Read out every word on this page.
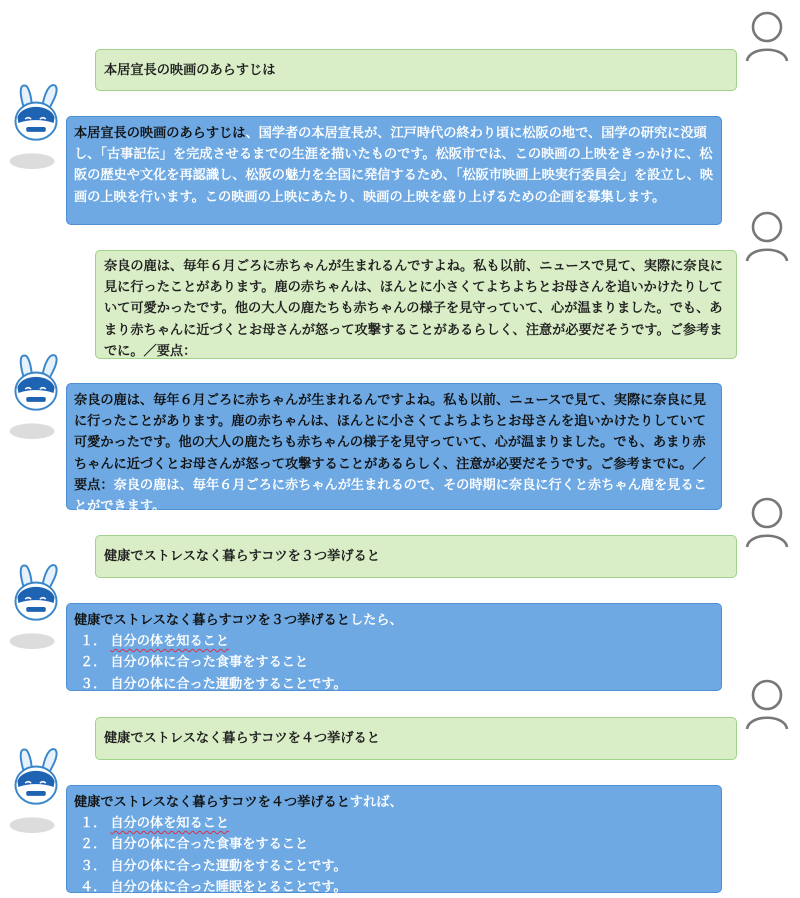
本居宣長の映画のあらすじは
本居宣長の映画のあらすじは、国学者の本居宣長が、江戸時代の終わり頃に松阪の地で、国学の研究に没頭し、「古事記伝」を完成させるまでの生涯を描いたものです。松阪市では、この映画の上映をきっかけに、松阪の歴史や文化を再認識し、松阪の魅力を全国に発信するため、「松阪市映画上映実行委員会」を設立し、映画の上映を行います。この映画の上映にあたり、映画の上映を盛り上げるための企画を募集します。
奈良の鹿は、毎年６月ごろに赤ちゃんが生まれるんですよね。私も以前、ニュースで見て、実際に奈良に見に行ったことがあります。鹿の赤ちゃんは、ほんとに小さくてよちよちとお母さんを追いかけたりしていて可愛かったです。他の大人の鹿たちも赤ちゃんの様子を見守っていて、心が温まりました。でも、あまり赤ちゃんに近づくとお母さんが怒って攻撃することがあるらしく、注意が必要だそうです。ご参考までに。／要点：
奈良の鹿は、毎年６月ごろに赤ちゃんが生まれるんですよね。私も以前、ニュースで見て、実際に奈良に見に行ったことがあります。鹿の赤ちゃんは、ほんとに小さくてよちよちとお母さんを追いかけたりしていて可愛かったです。他の大人の鹿たちも赤ちゃんの様子を見守っていて、心が温まりました。でも、あまり赤ちゃんに近づくとお母さんが怒って攻撃することがあるらしく、注意が必要だそうです。ご参考までに。／要点：奈良の鹿は、毎年６月ごろに赤ちゃんが生まれるので、その時期に奈良に行くと赤ちゃん鹿を見ることができます。
健康でストレスなく暮らすコツを３つ挙げると
健康でストレスなく暮らすコツを３つ挙げるとしたら、
１． 自分の体を知ること
２． 自分の体に合った食事をすること
３． 自分の体に合った運動をすることです。
健康でストレスなく暮らすコツを４つ挙げると
健康でストレスなく暮らすコツを４つ挙げるとすれば、
１． 自分の体を知ること
２． 自分の体に合った食事をすること
３． 自分の体に合った運動をすることです。
４． 自分の体に合った睡眠をとることです。
